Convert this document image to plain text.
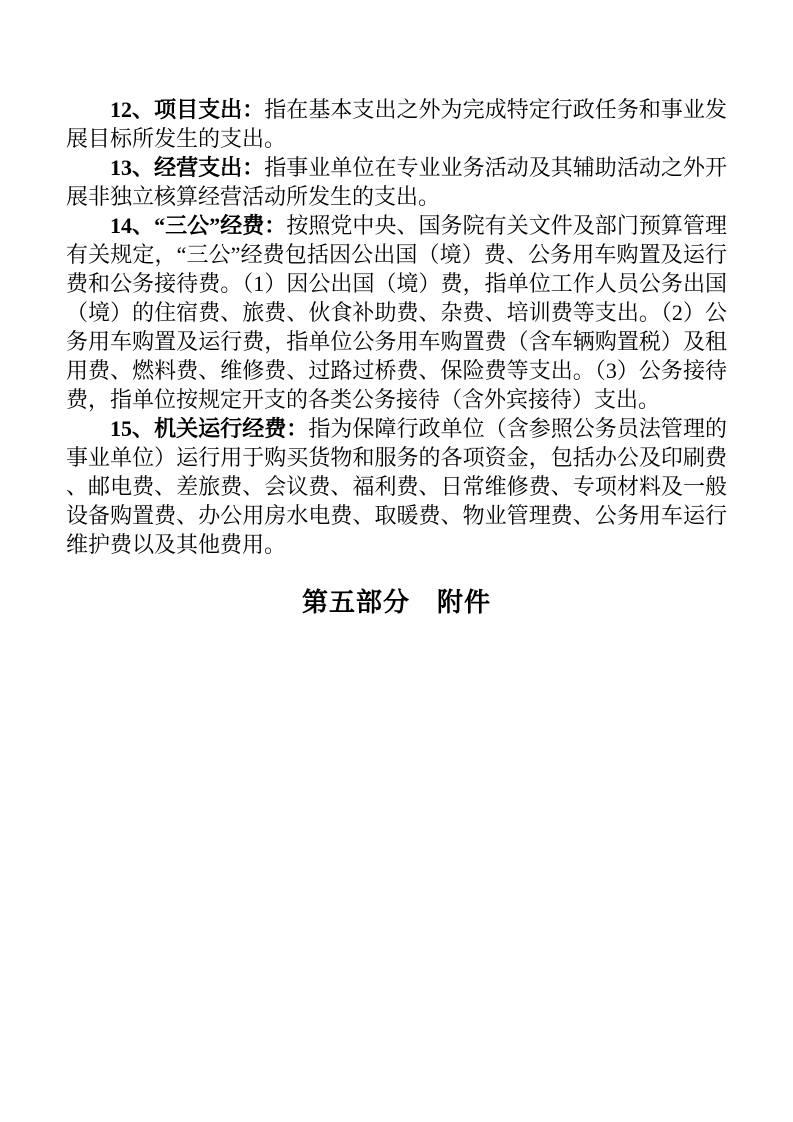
12、项目支出：指在基本支出之外为完成特定行政任务和事业发展目标所发生的支出。

13、经营支出：指事业单位在专业业务活动及其辅助活动之外开展非独立核算经营活动所发生的支出。

14、“三公”经费：按照党中央、国务院有关文件及部门预算管理有关规定，“三公”经费包括因公出国（境）费、公务用车购置及运行费和公务接待费。（1）因公出国（境）费，指单位工作人员公务出国（境）的住宿费、旅费、伙食补助费、杂费、培训费等支出。（2）公务用车购置及运行费，指单位公务用车购置费（含车辆购置税）及租用费、燃料费、维修费、过路过桥费、保险费等支出。（3）公务接待费，指单位按规定开支的各类公务接待（含外宾接待）支出。

15、机关运行经费：指为保障行政单位（含参照公务员法管理的事业单位）运行用于购买货物和服务的各项资金，包括办公及印刷费、邮电费、差旅费、会议费、福利费、日常维修费、专项材料及一般设备购置费、办公用房水电费、取暖费、物业管理费、公务用车运行维护费以及其他费用。

第五部分　附件
